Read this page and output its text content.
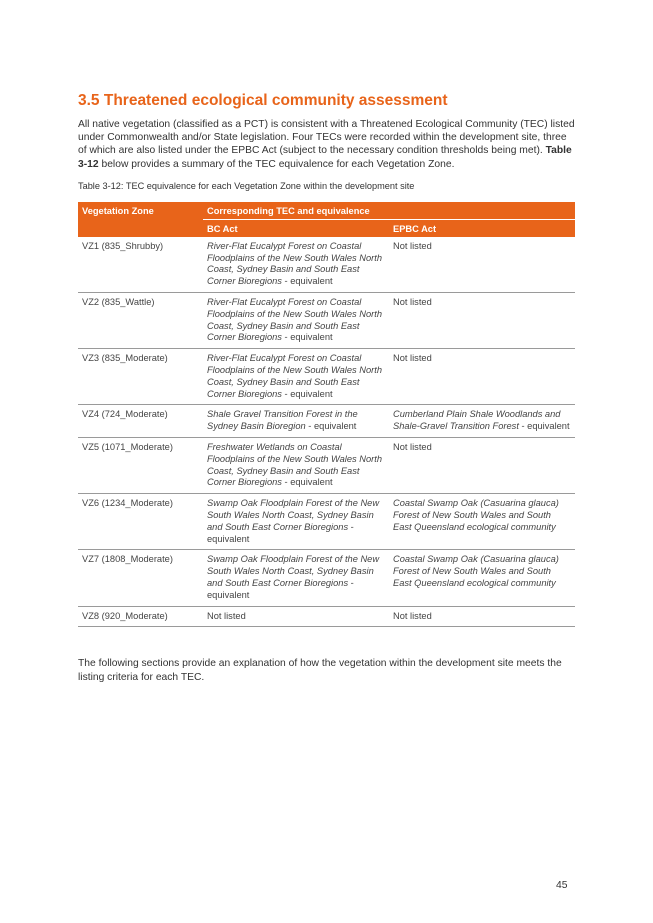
3.5 Threatened ecological community assessment

All native vegetation (classified as a PCT) is consistent with a Threatened Ecological Community (TEC) listed under Commonwealth and/or State legislation. Four TECs were recorded within the development site, three of which are also listed under the EPBC Act (subject to the necessary condition thresholds being met). Table 3-12 below provides a summary of the TEC equivalence for each Vegetation Zone.

Table 3-12: TEC equivalence for each Vegetation Zone within the development site

Vegetation Zone	Corresponding TEC and equivalence	
	BC Act	EPBC Act
VZ1 (835_Shrubby)	River-Flat Eucalypt Forest on Coastal Floodplains of the New South Wales North Coast, Sydney Basin and South East Corner Bioregions - equivalent	Not listed
VZ2 (835_Wattle)	River-Flat Eucalypt Forest on Coastal Floodplains of the New South Wales North Coast, Sydney Basin and South East Corner Bioregions - equivalent	Not listed
VZ3 (835_Moderate)	River-Flat Eucalypt Forest on Coastal Floodplains of the New South Wales North Coast, Sydney Basin and South East Corner Bioregions - equivalent	Not listed
VZ4 (724_Moderate)	Shale Gravel Transition Forest in the Sydney Basin Bioregion - equivalent	Cumberland Plain Shale Woodlands and Shale-Gravel Transition Forest - equivalent
VZ5 (1071_Moderate)	Freshwater Wetlands on Coastal Floodplains of the New South Wales North Coast, Sydney Basin and South East Corner Bioregions - equivalent	Not listed
VZ6 (1234_Moderate)	Swamp Oak Floodplain Forest of the New South Wales North Coast, Sydney Basin and South East Corner Bioregions - equivalent	Coastal Swamp Oak (Casuarina glauca) Forest of New South Wales and South East Queensland ecological community
VZ7 (1808_Moderate)	Swamp Oak Floodplain Forest of the New South Wales North Coast, Sydney Basin and South East Corner Bioregions - equivalent	Coastal Swamp Oak (Casuarina glauca) Forest of New South Wales and South East Queensland ecological community
VZ8 (920_Moderate)	Not listed	Not listed

The following sections provide an explanation of how the vegetation within the development site meets the listing criteria for each TEC.

45
